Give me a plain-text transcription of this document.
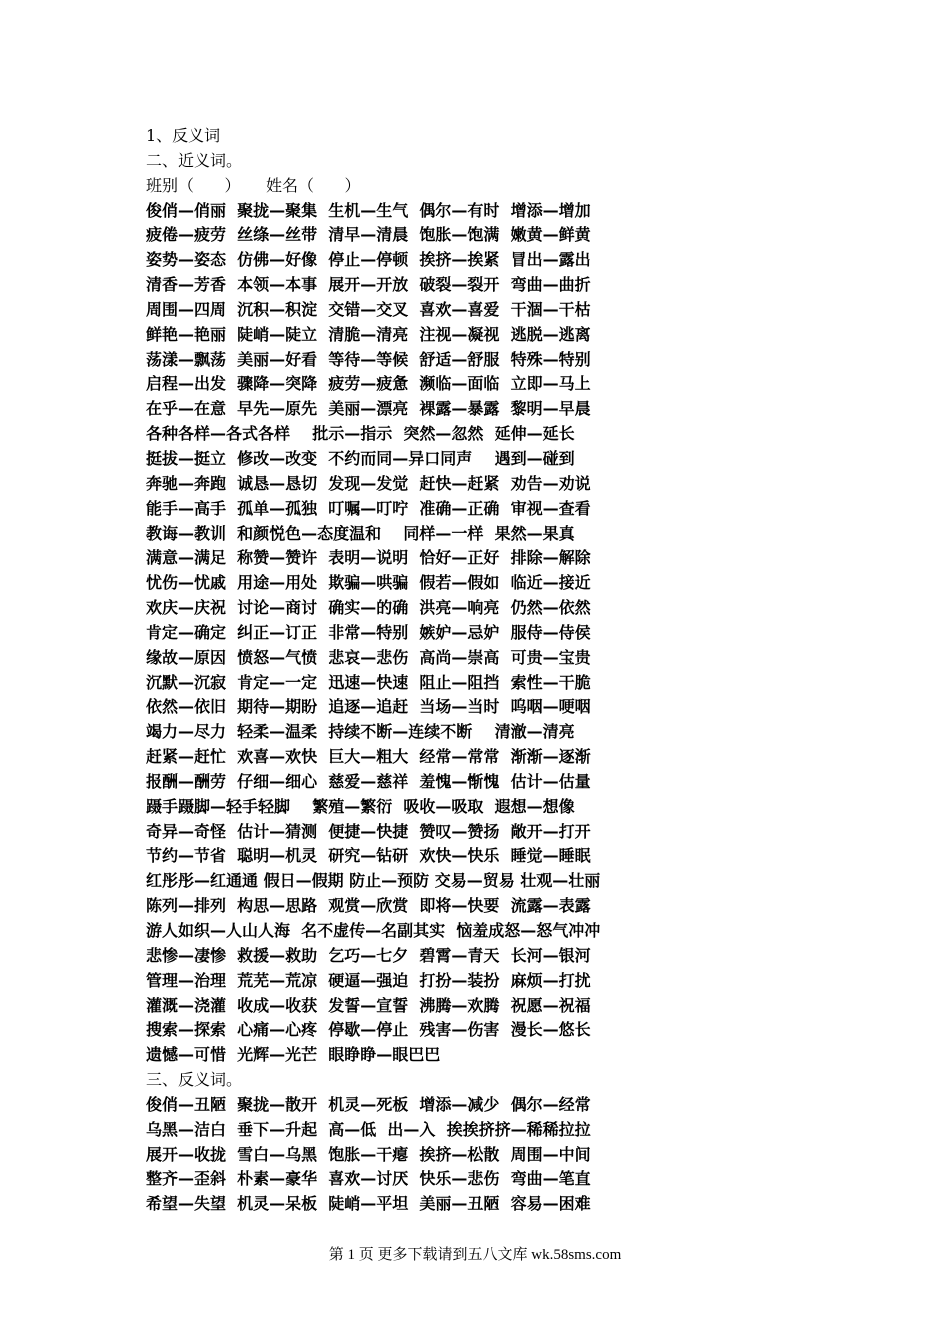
1、反义词
二、近义词。
班别（      ）     姓名（      ）
俊俏—俏丽  聚拢—聚集  生机—生气  偶尔—有时  增添—增加
疲倦—疲劳  丝绦—丝带  清早—清晨  饱胀—饱满  嫩黄—鲜黄
姿势—姿态  仿佛—好像  停止—停顿  挨挤—挨紧  冒出—露出
清香—芳香  本领—本事  展开—开放  破裂—裂开  弯曲—曲折
周围—四周  沉积—积淀  交错—交叉  喜欢—喜爱  干涸—干枯
鲜艳—艳丽  陡峭—陡立  清脆—清亮  注视—凝视  逃脱—逃离
荡漾—飘荡  美丽—好看  等待—等候  舒适—舒服  特殊—特别
启程—出发  骤降—突降  疲劳—疲惫  濒临—面临  立即—马上
在乎—在意  早先—原先  美丽—漂亮  裸露—暴露  黎明—早晨
各种各样—各式各样    批示—指示  突然—忽然  延伸—延长
挺拔—挺立  修改—改变  不约而同—异口同声    遇到—碰到
奔驰—奔跑  诚恳—恳切  发现—发觉  赶快—赶紧  劝告—劝说
能手—高手  孤单—孤独  叮嘱—叮咛  准确—正确  审视—查看
教诲—教训  和颜悦色—态度温和    同样—一样  果然—果真
满意—满足  称赞—赞许  表明—说明  恰好—正好  排除—解除
忧伤—忧戚  用途—用处  欺骗—哄骗  假若—假如  临近—接近
欢庆—庆祝  讨论—商讨  确实—的确  洪亮—响亮  仍然—依然
肯定—确定  纠正—订正  非常—特别  嫉妒—忌妒  服侍—侍侯
缘故—原因  愤怒—气愤  悲哀—悲伤  高尚—崇高  可贵—宝贵
沉默—沉寂  肯定—一定  迅速—快速  阻止—阻挡  索性—干脆
依然—依旧  期待—期盼  追逐—追赶  当场—当时  呜咽—哽咽
竭力—尽力  轻柔—温柔  持续不断—连续不断    清澈—清亮
赶紧—赶忙  欢喜—欢快  巨大—粗大  经常—常常  渐渐—逐渐
报酬—酬劳  仔细—细心  慈爱—慈祥  羞愧—惭愧  估计—估量
蹑手蹑脚—轻手轻脚    繁殖—繁衍  吸收—吸取  遐想—想像
奇异—奇怪  估计—猜测  便捷—快捷  赞叹—赞扬  敞开—打开
节约—节省  聪明—机灵  研究—钻研  欢快—快乐  睡觉—睡眠
红彤彤—红通通 假日—假期 防止—预防 交易—贸易 壮观—壮丽
陈列—排列  构思—思路  观赏—欣赏  即将—快要  流露—表露
游人如织—人山人海  名不虚传—名副其实  恼羞成怒—怒气冲冲
悲惨—凄惨  救援—救助  乞巧—七夕  碧霄—青天  长河—银河
管理—治理  荒芜—荒凉  硬逼—强迫  打扮—装扮  麻烦—打扰
灌溉—浇灌  收成—收获  发誓—宣誓  沸腾—欢腾  祝愿—祝福
搜索—探索  心痛—心疼  停歇—停止  残害—伤害  漫长—悠长
遗憾—可惜  光辉—光芒  眼睁睁—眼巴巴
三、反义词。
俊俏—丑陋  聚拢—散开  机灵—死板  增添—减少  偶尔—经常
乌黑—洁白  垂下—升起  高—低  出—入  挨挨挤挤—稀稀拉拉
展开—收拢  雪白—乌黑  饱胀—干瘪  挨挤—松散  周围—中间
整齐—歪斜  朴素—豪华  喜欢—讨厌  快乐—悲伤  弯曲—笔直
希望—失望  机灵—呆板  陡峭—平坦  美丽—丑陋  容易—困难
第 1 页 更多下载请到五八文库 wk.58sms.com
